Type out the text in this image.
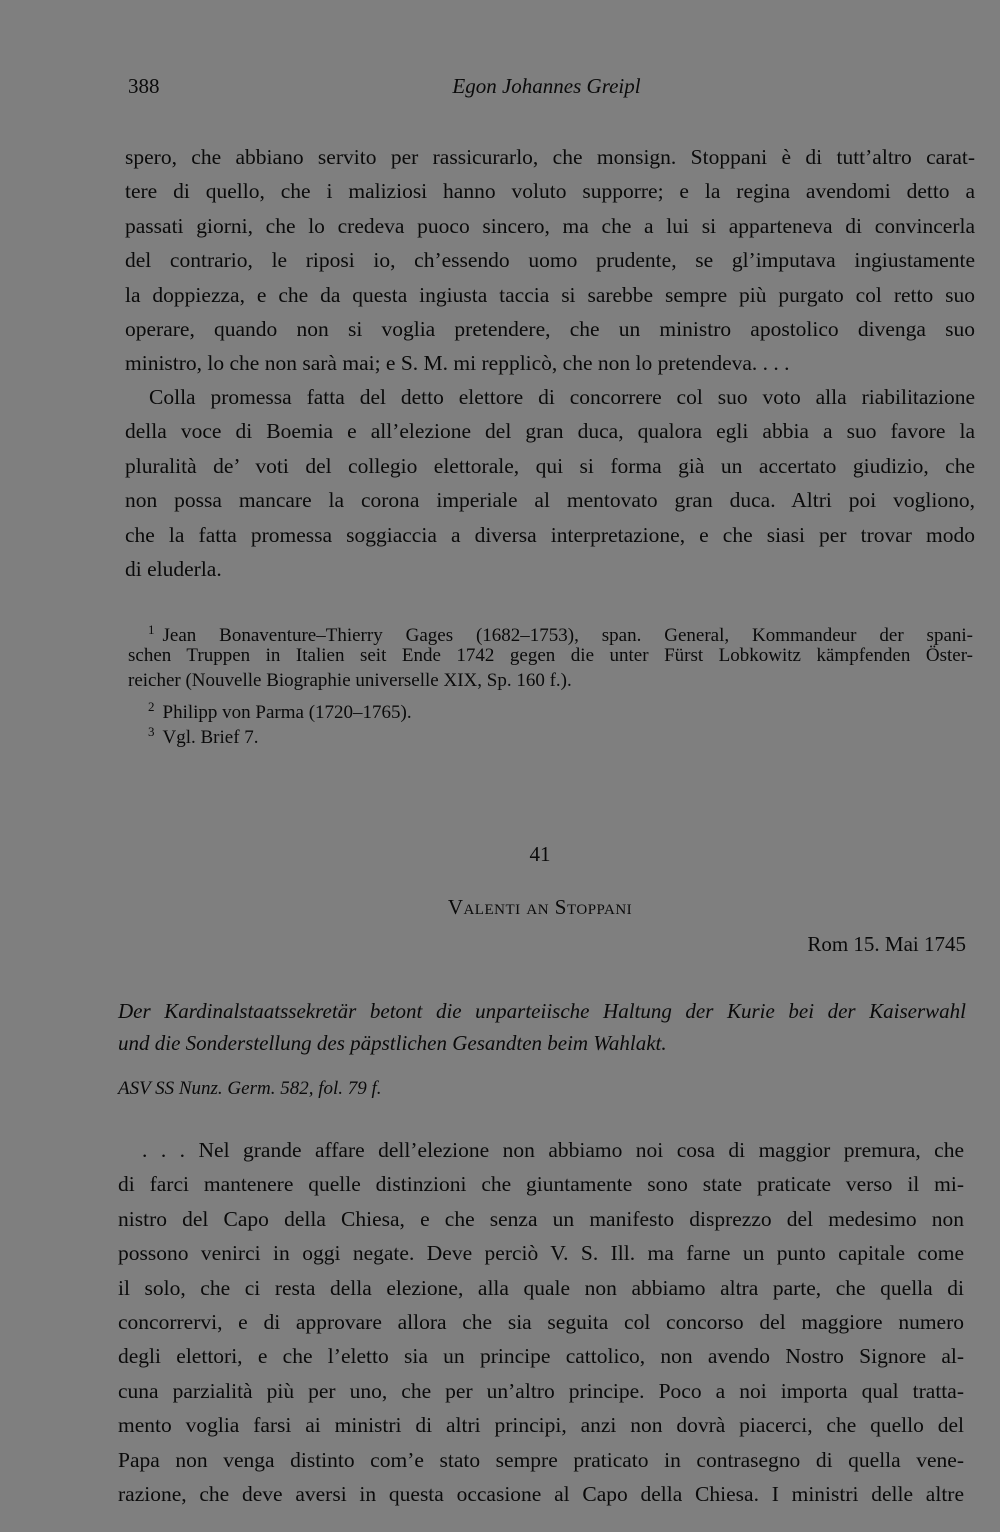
388	Egon Johannes Greipl
spero, che abbiano servito per rassicurarlo, che monsign. Stoppani è di tutt’altro carat-
tere di quello, che i maliziosi hanno voluto supporre; e la regina avendomi detto a
passati giorni, che lo credeva puoco sincero, ma che a lui si apparteneva di convincerla
del contrario, le riposi io, ch’essendo uomo prudente, se gl’imputava ingiustamente
la doppiezza, e che da questa ingiusta taccia si sarebbe sempre più purgato col retto suo
operare, quando non si voglia pretendere, che un ministro apostolico divenga suo
ministro, lo che non sarà mai; e S. M. mi repplicò, che non lo pretendeva. . . .
Colla promessa fatta del detto elettore di concorrere col suo voto alla riabilitazione
della voce di Boemia e all’elezione del gran duca, qualora egli abbia a suo favore la
pluralità de’ voti del collegio elettorale, qui si forma già un accertato giudizio, che
non possa mancare la corona imperiale al mentovato gran duca. Altri poi vogliono,
che la fatta promessa soggiaccia a diversa interpretazione, e che siasi per trovar modo
di eluderla.
$^1$ Jean Bonaventure–Thierry Gages (1682–1753), span. General, Kommandeur der spani-
schen Truppen in Italien seit Ende 1742 gegen die unter Fürst Lobkowitz kämpfenden Öster-
reicher (Nouvelle Biographie universelle XIX, Sp. 160 f.).
$^2$ Philipp von Parma (1720–1765).
$^3$ Vgl. Brief 7.
41
Valenti an Stoppani
Rom 15. Mai 1745
Der Kardinalstaatssekretär betont die unparteiische Haltung der Kurie bei der Kaiserwahl
und die Sonderstellung des päpstlichen Gesandten beim Wahlakt.
ASV SS Nunz. Germ. 582, fol. 79 f.
. . . Nel grande affare dell’elezione non abbiamo noi cosa di maggior premura, che
di farci mantenere quelle distinzioni che giuntamente sono state praticate verso il mi-
nistro del Capo della Chiesa, e che senza un manifesto disprezzo del medesimo non
possono venirci in oggi negate. Deve perciò V. S. Ill. ma farne un punto capitale come
il solo, che ci resta della elezione, alla quale non abbiamo altra parte, che quella di
concorrervi, e di approvare allora che sia seguita col concorso del maggiore numero
degli elettori, e che l’eletto sia un principe cattolico, non avendo Nostro Signore al-
cuna parzialità più per uno, che per un’altro principe. Poco a noi importa qual tratta-
mento voglia farsi ai ministri di altri principi, anzi non dovrà piacerci, che quello del
Papa non venga distinto com’e stato sempre praticato in contrasegno di quella vene-
razione, che deve aversi in questa occasione al Capo della Chiesa. I ministri delle altre
